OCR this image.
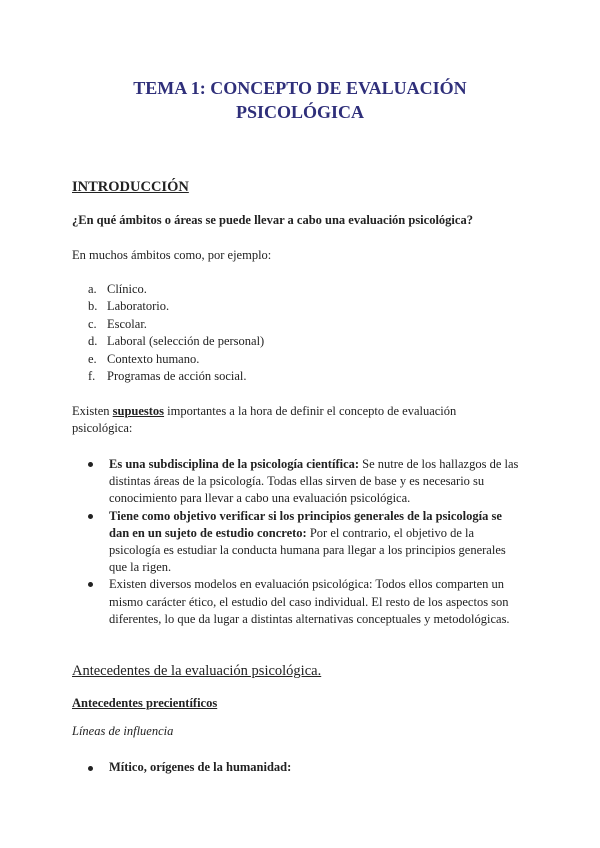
TEMA 1: CONCEPTO DE EVALUACIÓN
PSICOLÓGICA
INTRODUCCIÓN
¿En qué ámbitos o áreas se puede llevar a cabo una evaluación psicológica?
En muchos ámbitos como, por ejemplo:
a. Clínico.
b. Laboratorio.
c. Escolar.
d. Laboral (selección de personal)
e. Contexto humano.
f. Programas de acción social.
Existen supuestos importantes a la hora de definir el concepto de evaluación psicológica:
Es una subdisciplina de la psicología científica: Se nutre de los hallazgos de las distintas áreas de la psicología. Todas ellas sirven de base y es necesario su conocimiento para llevar a cabo una evaluación psicológica.
Tiene como objetivo verificar si los principios generales de la psicología se dan en un sujeto de estudio concreto: Por el contrario, el objetivo de la psicología es estudiar la conducta humana para llegar a los principios generales que la rigen.
Existen diversos modelos en evaluación psicológica: Todos ellos comparten un mismo carácter ético, el estudio del caso individual. El resto de los aspectos son diferentes, lo que da lugar a distintas alternativas conceptuales y metodológicas.
Antecedentes de la evaluación psicológica.
Antecedentes precientíficos
Líneas de influencia
Mítico, orígenes de la humanidad:
